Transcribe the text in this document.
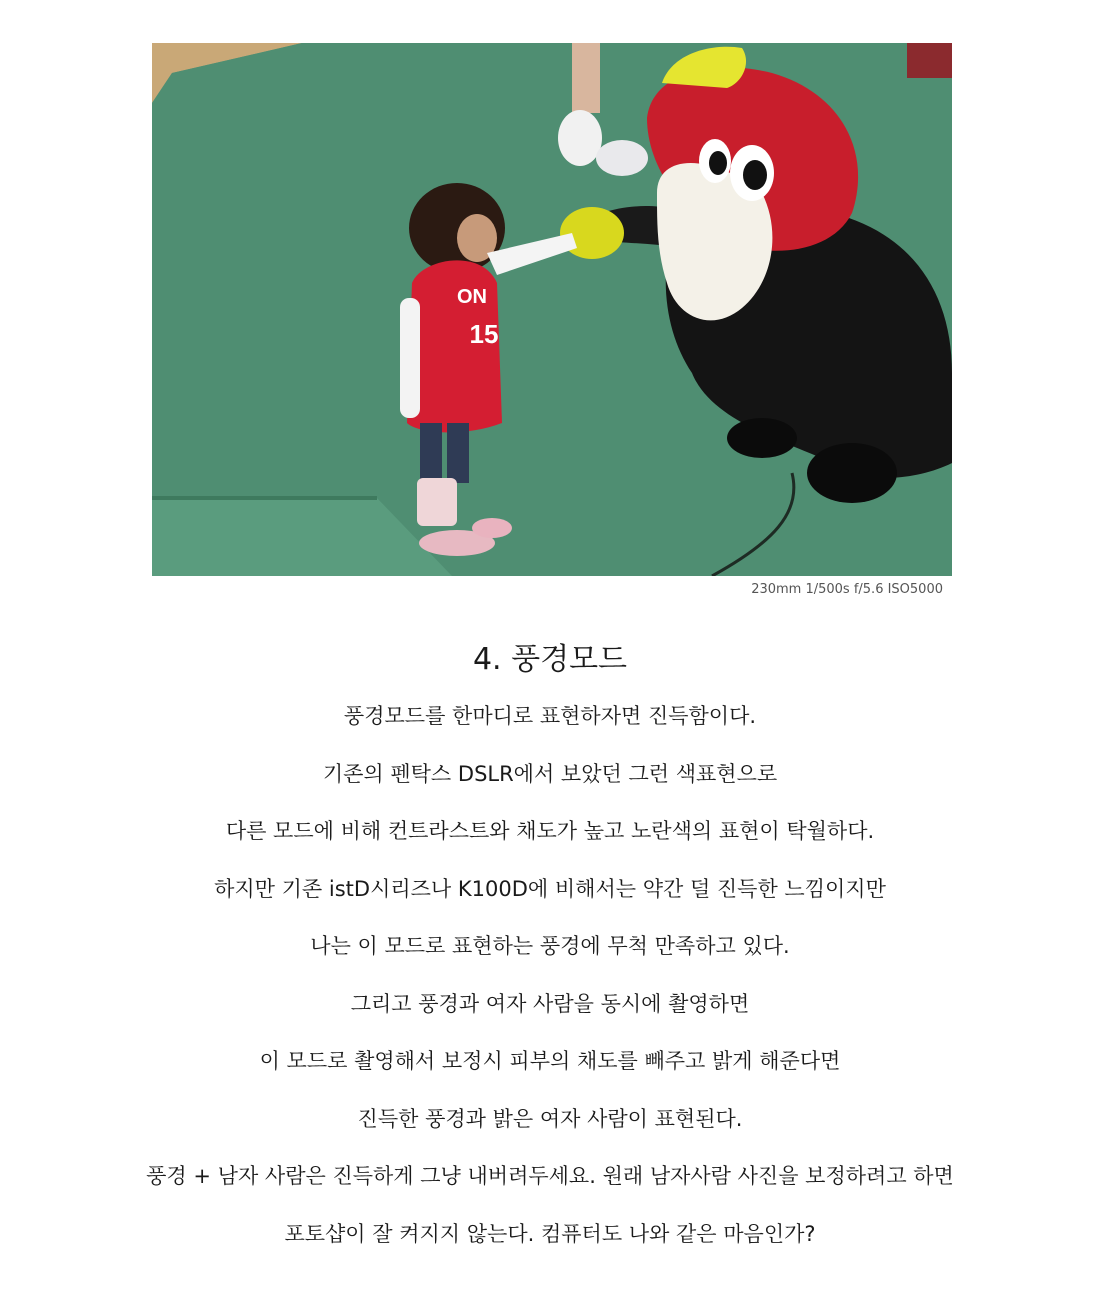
ON
15
230mm 1/500s f/5.6 ISO5000
4. 풍경모드
풍경모드를 한마디로 표현하자면 진득함이다.
기존의 펜탁스 DSLR에서 보았던 그런 색표현으로
다른 모드에 비해 컨트라스트와 채도가 높고 노란색의 표현이 탁월하다.
하지만 기존 istD시리즈나 K100D에 비해서는 약간 덜 진득한 느낌이지만
나는 이 모드로 표현하는 풍경에 무척 만족하고 있다.
그리고 풍경과 여자 사람을 동시에 촬영하면
이 모드로 촬영해서 보정시 피부의 채도를 빼주고 밝게 해준다면
진득한 풍경과 밝은 여자 사람이 표현된다.
풍경 + 남자 사람은 진득하게 그냥 내버려두세요. 원래 남자사람 사진을 보정하려고 하면
포토샵이 잘 켜지지 않는다. 컴퓨터도 나와 같은 마음인가?
